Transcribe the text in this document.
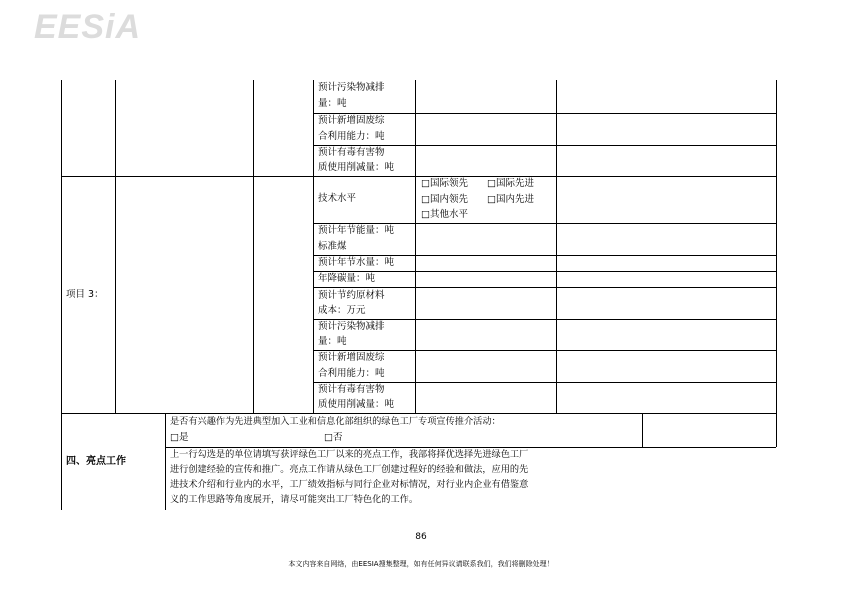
EESiA
预计污染物减排
量：吨
预计新增固废综
合利用能力：吨
预计有毒有害物
质使用削减量：吨
项目 3：
技术水平
□国际领先 □国际先进
□国内领先 □国内先进
□其他水平
预计年节能量：吨
标准煤
预计年节水量：吨
年降碳量：吨
预计节约原材料
成本：万元
预计污染物减排
量：吨
预计新增固废综
合利用能力：吨
预计有毒有害物
质使用削减量：吨
四、亮点工作
是否有兴趣作为先进典型加入工业和信息化部组织的绿色工厂专项宣传推介活动：
□是	□否
上一行勾选是的单位请填写获评绿色工厂以来的亮点工作，我部将择优选择先进绿色工厂
进行创建经验的宣传和推广。亮点工作请从绿色工厂创建过程好的经验和做法，应用的先
进技术介绍和行业内的水平，工厂绩效指标与同行企业对标情况，对行业内企业有借鉴意
义的工作思路等角度展开，请尽可能突出工厂特色化的工作。
86
本文内容来自网络，由EESIA搜集整理，如有任何异议请联系我们，我们将删除处理！
